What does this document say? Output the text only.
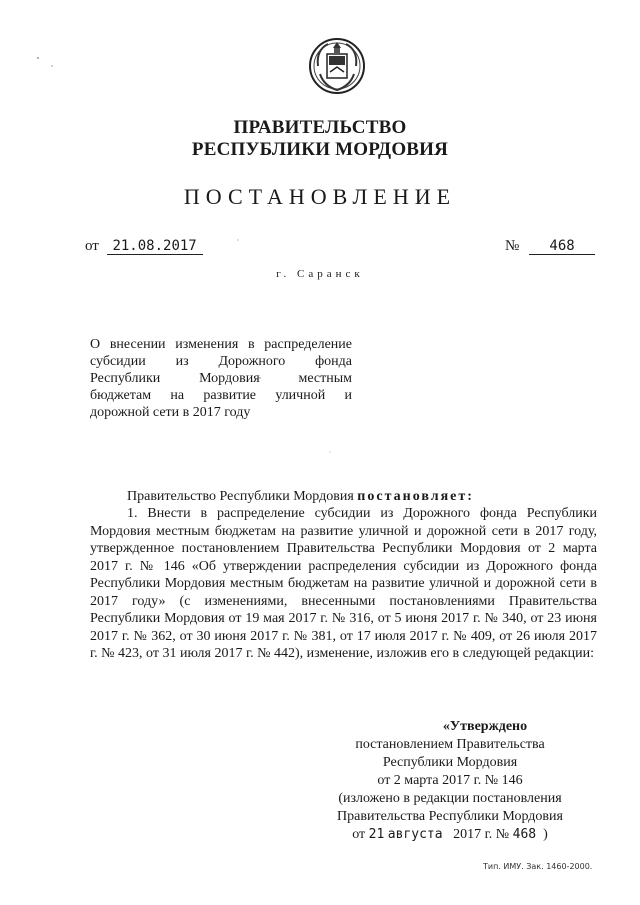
ПРАВИТЕЛЬСТВО
РЕСПУБЛИКИ МОРДОВИЯ
ПОСТАНОВЛЕНИЕ
от 21.08.2017	№ 468
г. Саранск
О внесении изменения в распределение
субсидии из Дорожного фонда
Республики Мордовия местным
бюджетам на развитие уличной и
дорожной сети в 2017 году
Правительство Республики Мордовия постановляет:
1. Внести в распределение субсидии из Дорожного фонда Республики Мордовия местным бюджетам на развитие уличной и дорожной сети в 2017 году, утвержденное постановлением Правительства Республики Мордовия от 2 марта 2017 г. № 146 «Об утверждении распределения субсидии из Дорожного фонда Республики Мордовия местным бюджетам на развитие уличной и дорожной сети в 2017 году» (с изменениями, внесенными постановлениями Правительства Республики Мордовия от 19 мая 2017 г. № 316, от 5 июня 2017 г. № 340, от 23 июня 2017 г. № 362, от 30 июня 2017 г. № 381, от 17 июля 2017 г. № 409, от 26 июля 2017 г. № 423, от 31 июля 2017 г. № 442), изменение, изложив его в следующей редакции:
«Утверждено
постановлением Правительства
Республики Мордовия
от 2 марта 2017 г. № 146
(изложено в редакции постановления
Правительства Республики Мордовия
от 21 августа 2017 г. № 468 )
Тип. ИМУ. Зак. 1460-2000.
